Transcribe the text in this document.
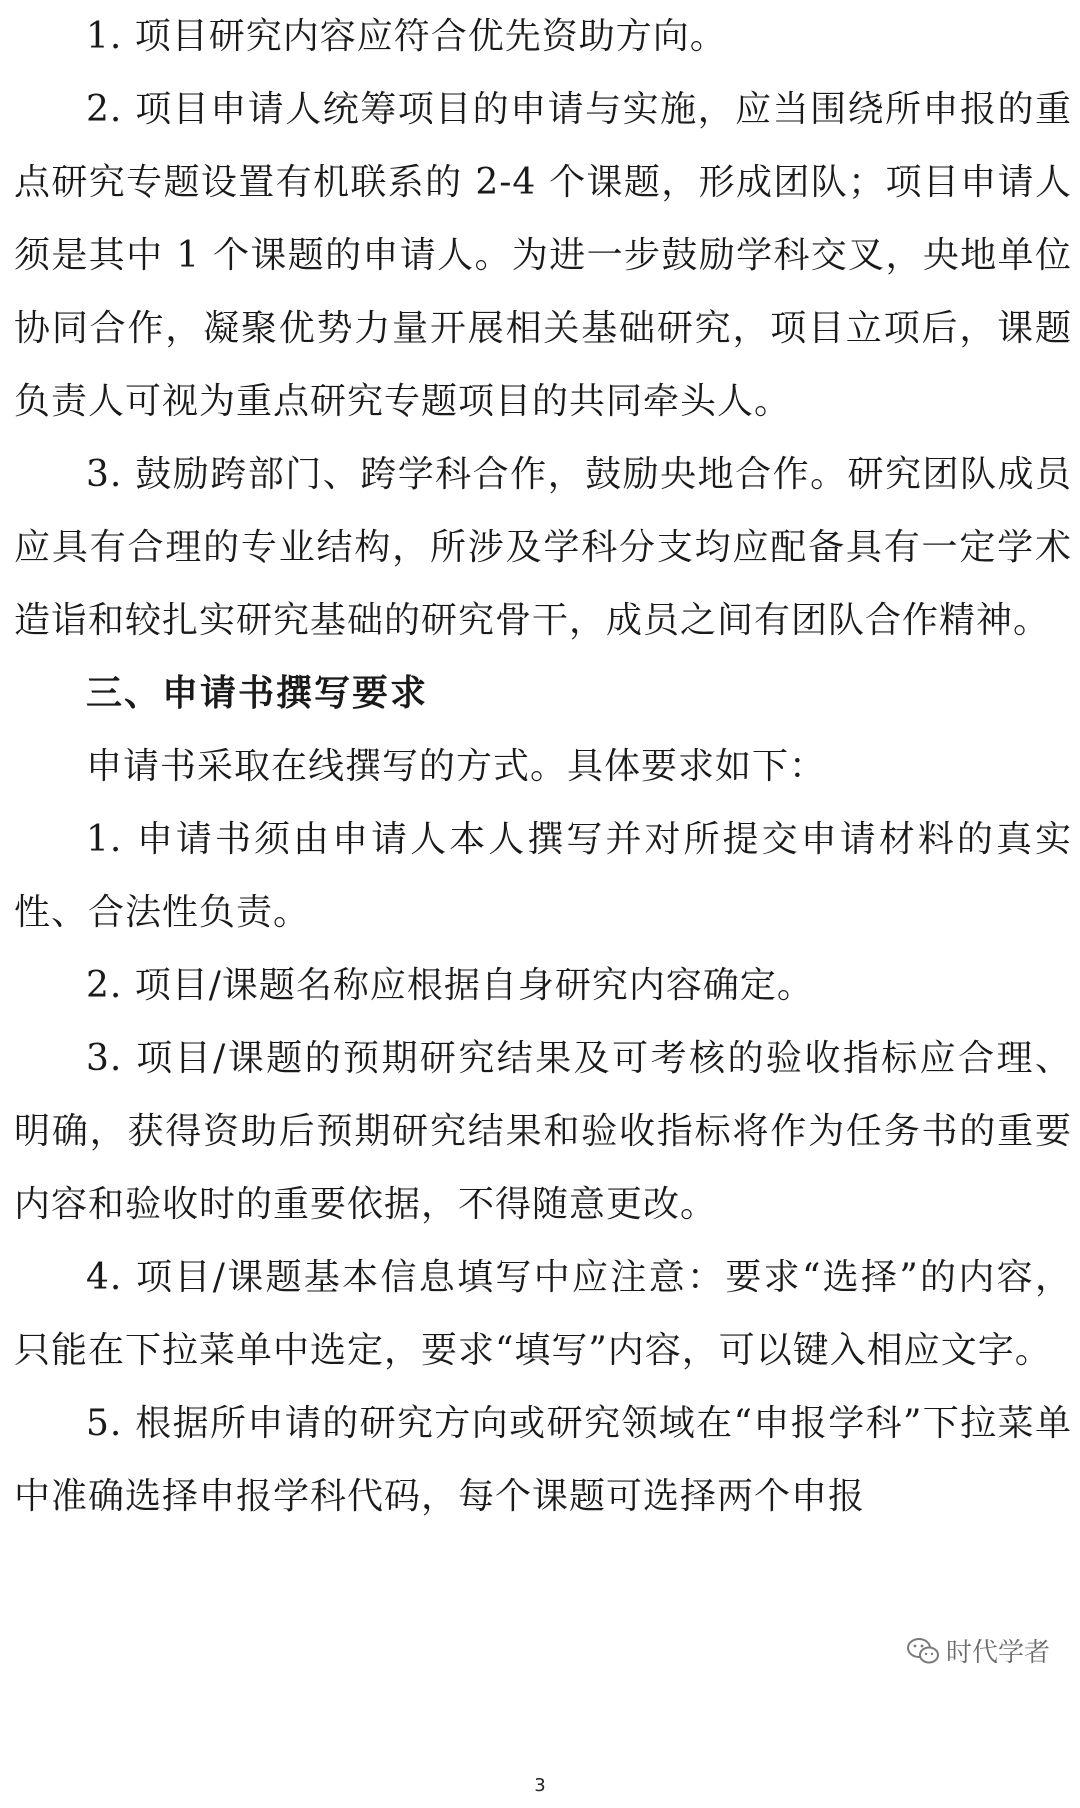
1. 项目研究内容应符合优先资助方向。

2. 项目申请人统筹项目的申请与实施，应当围绕所申报的重点研究专题设置有机联系的 2-4 个课题，形成团队；项目申请人须是其中 1 个课题的申请人。为进一步鼓励学科交叉，央地单位协同合作，凝聚优势力量开展相关基础研究，项目立项后，课题负责人可视为重点研究专题项目的共同牵头人。

3. 鼓励跨部门、跨学科合作，鼓励央地合作。研究团队成员应具有合理的专业结构，所涉及学科分支均应配备具有一定学术造诣和较扎实研究基础的研究骨干，成员之间有团队合作精神。

三、申请书撰写要求

申请书采取在线撰写的方式。具体要求如下：

1. 申请书须由申请人本人撰写并对所提交申请材料的真实性、合法性负责。

2. 项目/课题名称应根据自身研究内容确定。

3. 项目/课题的预期研究结果及可考核的验收指标应合理、明确，获得资助后预期研究结果和验收指标将作为任务书的重要内容和验收时的重要依据，不得随意更改。

4. 项目/课题基本信息填写中应注意：要求“选择”的内容，只能在下拉菜单中选定，要求“填写”内容，可以键入相应文字。

5. 根据所申请的研究方向或研究领域在“申报学科”下拉菜单中准确选择申报学科代码，每个课题可选择两个申报

时代学者
3
